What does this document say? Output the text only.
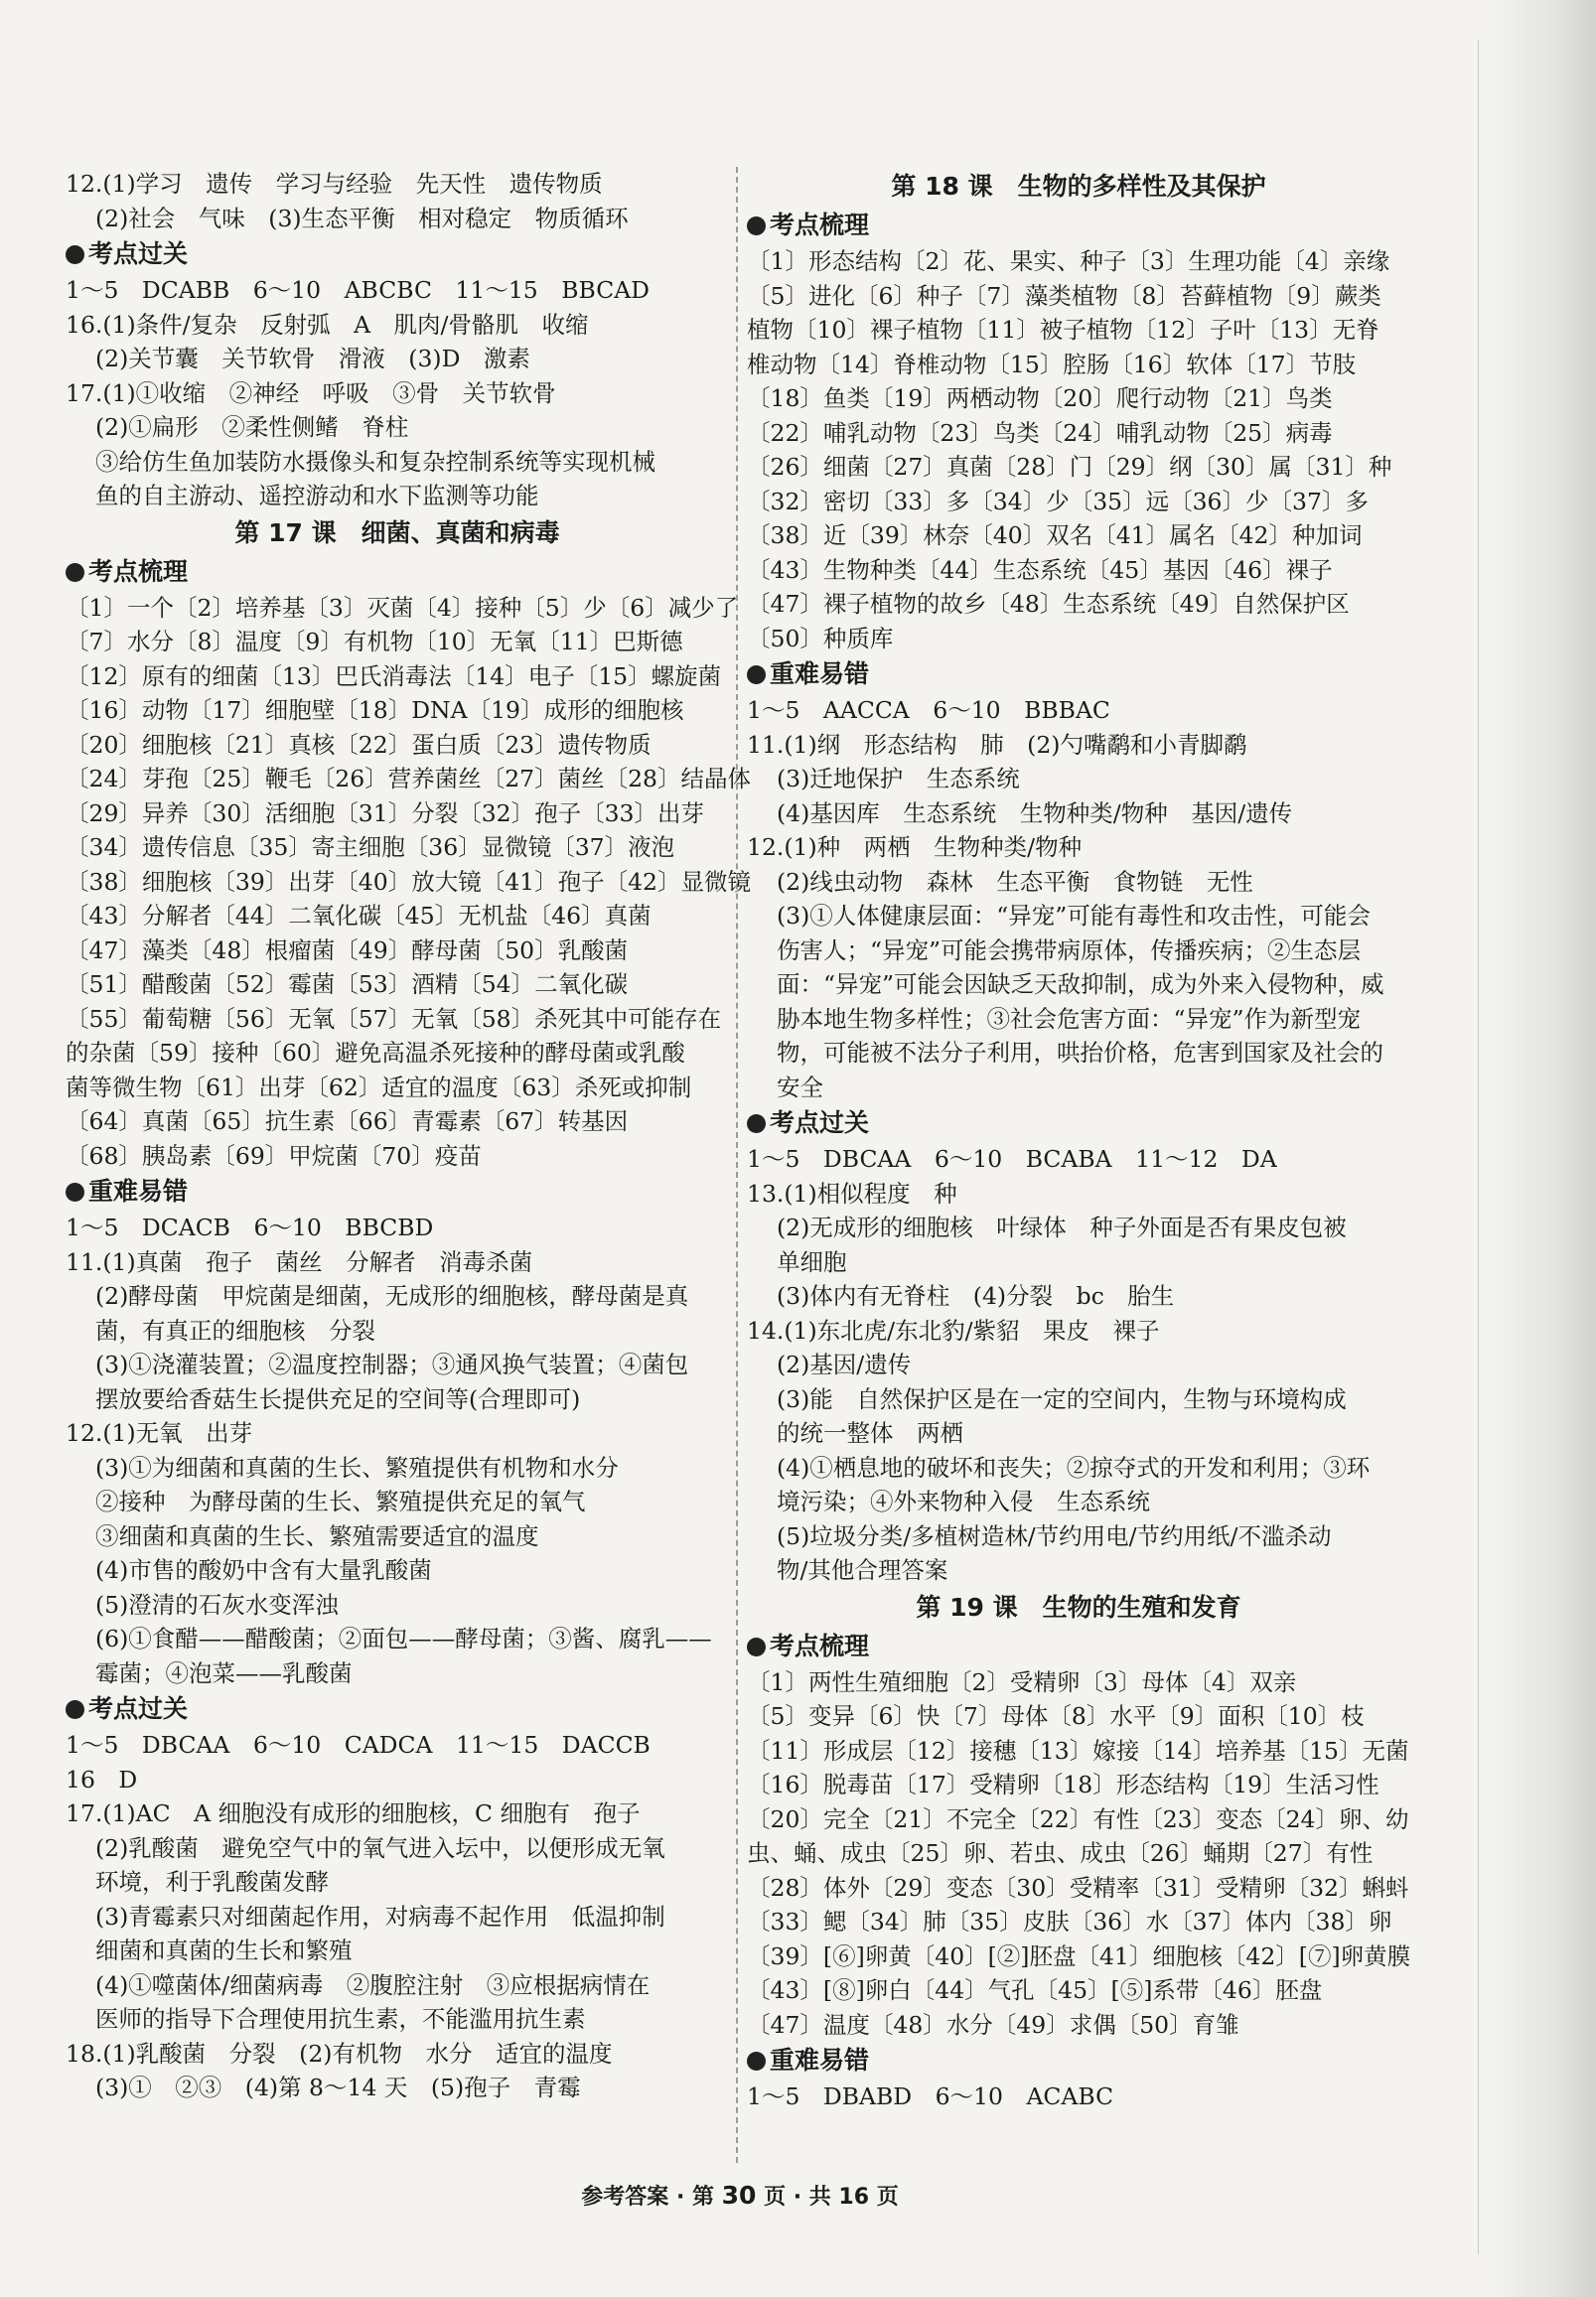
12.(1)学习　遗传　学习与经验　先天性　遗传物质
(2)社会　气味　(3)生态平衡　相对稳定　物质循环
考点过关
1～5　DCABB　6～10　ABCBC　11～15　BBCAD
16.(1)条件/复杂　反射弧　A　肌肉/骨骼肌　收缩
(2)关节囊　关节软骨　滑液　(3)D　激素
17.(1)①收缩　②神经　呼吸　③骨　关节软骨
(2)①扁形　②柔性侧鳍　脊柱
③给仿生鱼加装防水摄像头和复杂控制系统等实现机械
鱼的自主游动、遥控游动和水下监测等功能
第 17 课　细菌、真菌和病毒
考点梳理
〔1〕一个〔2〕培养基〔3〕灭菌〔4〕接种〔5〕少〔6〕减少了
〔7〕水分〔8〕温度〔9〕有机物〔10〕无氧〔11〕巴斯德
〔12〕原有的细菌〔13〕巴氏消毒法〔14〕电子〔15〕螺旋菌
〔16〕动物〔17〕细胞壁〔18〕DNA〔19〕成形的细胞核
〔20〕细胞核〔21〕真核〔22〕蛋白质〔23〕遗传物质
〔24〕芽孢〔25〕鞭毛〔26〕营养菌丝〔27〕菌丝〔28〕结晶体
〔29〕异养〔30〕活细胞〔31〕分裂〔32〕孢子〔33〕出芽
〔34〕遗传信息〔35〕寄主细胞〔36〕显微镜〔37〕液泡
〔38〕细胞核〔39〕出芽〔40〕放大镜〔41〕孢子〔42〕显微镜
〔43〕分解者〔44〕二氧化碳〔45〕无机盐〔46〕真菌
〔47〕藻类〔48〕根瘤菌〔49〕酵母菌〔50〕乳酸菌
〔51〕醋酸菌〔52〕霉菌〔53〕酒精〔54〕二氧化碳
〔55〕葡萄糖〔56〕无氧〔57〕无氧〔58〕杀死其中可能存在
的杂菌〔59〕接种〔60〕避免高温杀死接种的酵母菌或乳酸
菌等微生物〔61〕出芽〔62〕适宜的温度〔63〕杀死或抑制
〔64〕真菌〔65〕抗生素〔66〕青霉素〔67〕转基因
〔68〕胰岛素〔69〕甲烷菌〔70〕疫苗
重难易错
1～5　DCACB　6～10　BBCBD
11.(1)真菌　孢子　菌丝　分解者　消毒杀菌
(2)酵母菌　甲烷菌是细菌，无成形的细胞核，酵母菌是真
菌，有真正的细胞核　分裂
(3)①浇灌装置；②温度控制器；③通风换气装置；④菌包
摆放要给香菇生长提供充足的空间等(合理即可)
12.(1)无氧　出芽
(3)①为细菌和真菌的生长、繁殖提供有机物和水分
②接种　为酵母菌的生长、繁殖提供充足的氧气
③细菌和真菌的生长、繁殖需要适宜的温度
(4)市售的酸奶中含有大量乳酸菌
(5)澄清的石灰水变浑浊
(6)①食醋——醋酸菌；②面包——酵母菌；③酱、腐乳——
霉菌；④泡菜——乳酸菌
考点过关
1～5　DBCAA　6～10　CADCA　11～15　DACCB
16　D
17.(1)AC　A 细胞没有成形的细胞核，C 细胞有　孢子
(2)乳酸菌　避免空气中的氧气进入坛中，以便形成无氧
环境，利于乳酸菌发酵
(3)青霉素只对细菌起作用，对病毒不起作用　低温抑制
细菌和真菌的生长和繁殖
(4)①噬菌体/细菌病毒　②腹腔注射　③应根据病情在
医师的指导下合理使用抗生素，不能滥用抗生素
18.(1)乳酸菌　分裂　(2)有机物　水分　适宜的温度
(3)①　②③　(4)第 8～14 天　(5)孢子　青霉
第 18 课　生物的多样性及其保护
考点梳理
〔1〕形态结构〔2〕花、果实、种子〔3〕生理功能〔4〕亲缘
〔5〕进化〔6〕种子〔7〕藻类植物〔8〕苔藓植物〔9〕蕨类
植物〔10〕裸子植物〔11〕被子植物〔12〕子叶〔13〕无脊
椎动物〔14〕脊椎动物〔15〕腔肠〔16〕软体〔17〕节肢
〔18〕鱼类〔19〕两栖动物〔20〕爬行动物〔21〕鸟类
〔22〕哺乳动物〔23〕鸟类〔24〕哺乳动物〔25〕病毒
〔26〕细菌〔27〕真菌〔28〕门〔29〕纲〔30〕属〔31〕种
〔32〕密切〔33〕多〔34〕少〔35〕远〔36〕少〔37〕多
〔38〕近〔39〕林奈〔40〕双名〔41〕属名〔42〕种加词
〔43〕生物种类〔44〕生态系统〔45〕基因〔46〕裸子
〔47〕裸子植物的故乡〔48〕生态系统〔49〕自然保护区
〔50〕种质库
重难易错
1～5　AACCA　6～10　BBBAC
11.(1)纲　形态结构　肺　(2)勺嘴鹬和小青脚鹬
(3)迁地保护　生态系统
(4)基因库　生态系统　生物种类/物种　基因/遗传
12.(1)种　两栖　生物种类/物种
(2)线虫动物　森林　生态平衡　食物链　无性
(3)①人体健康层面：“异宠”可能有毒性和攻击性，可能会
伤害人；“异宠”可能会携带病原体，传播疾病；②生态层
面：“异宠”可能会因缺乏天敌抑制，成为外来入侵物种，威
胁本地生物多样性；③社会危害方面：“异宠”作为新型宠
物，可能被不法分子利用，哄抬价格，危害到国家及社会的
安全
考点过关
1～5　DBCAA　6～10　BCABA　11～12　DA
13.(1)相似程度　种
(2)无成形的细胞核　叶绿体　种子外面是否有果皮包被
单细胞
(3)体内有无脊柱　(4)分裂　bc　胎生
14.(1)东北虎/东北豹/紫貂　果皮　裸子
(2)基因/遗传
(3)能　自然保护区是在一定的空间内，生物与环境构成
的统一整体　两栖
(4)①栖息地的破坏和丧失；②掠夺式的开发和利用；③环
境污染；④外来物种入侵　生态系统
(5)垃圾分类/多植树造林/节约用电/节约用纸/不滥杀动
物/其他合理答案
第 19 课　生物的生殖和发育
考点梳理
〔1〕两性生殖细胞〔2〕受精卵〔3〕母体〔4〕双亲
〔5〕变异〔6〕快〔7〕母体〔8〕水平〔9〕面积〔10〕枝
〔11〕形成层〔12〕接穗〔13〕嫁接〔14〕培养基〔15〕无菌
〔16〕脱毒苗〔17〕受精卵〔18〕形态结构〔19〕生活习性
〔20〕完全〔21〕不完全〔22〕有性〔23〕变态〔24〕卵、幼
虫、蛹、成虫〔25〕卵、若虫、成虫〔26〕蛹期〔27〕有性
〔28〕体外〔29〕变态〔30〕受精率〔31〕受精卵〔32〕蝌蚪
〔33〕鳃〔34〕肺〔35〕皮肤〔36〕水〔37〕体内〔38〕卵
〔39〕[⑥]卵黄〔40〕[②]胚盘〔41〕细胞核〔42〕[⑦]卵黄膜
〔43〕[⑧]卵白〔44〕气孔〔45〕[⑤]系带〔46〕胚盘
〔47〕温度〔48〕水分〔49〕求偶〔50〕育雏
重难易错
1～5　DBABD　6～10　ACABC
参考答案 · 第 30 页 · 共 16 页
